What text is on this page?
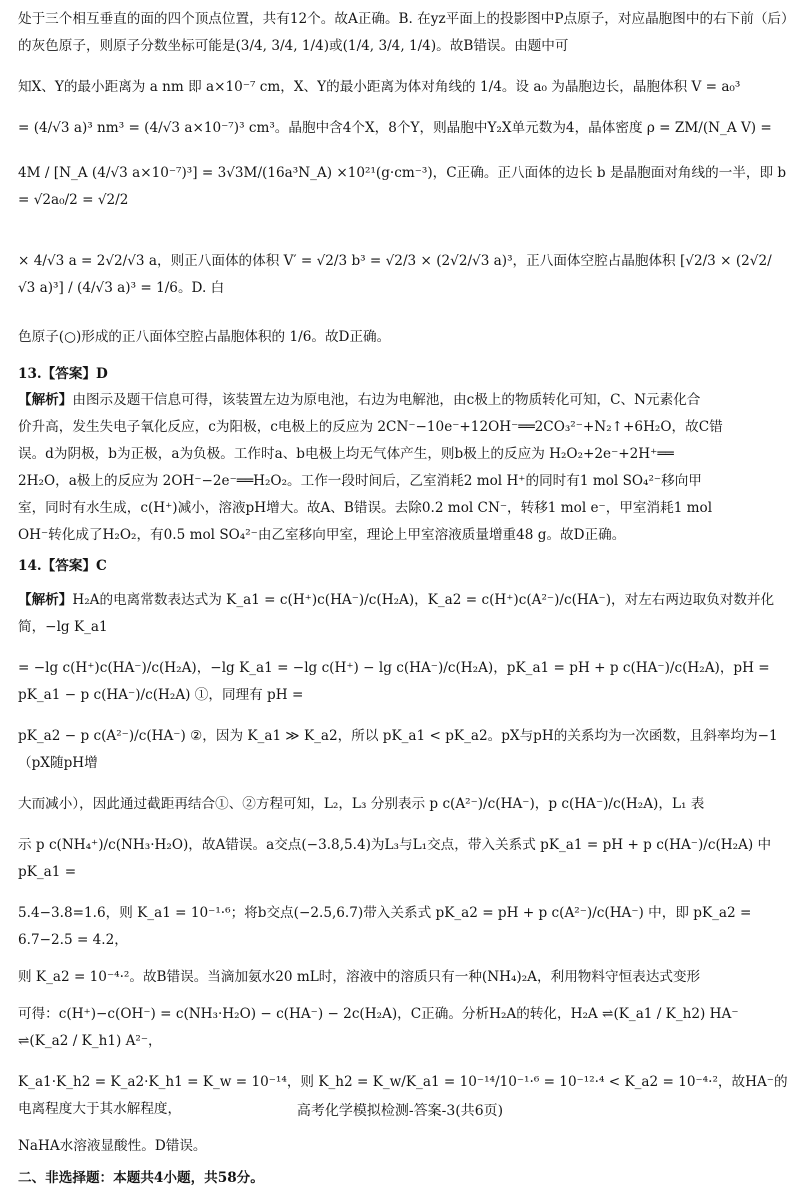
处于三个相互垂直的面的四个顶点位置，共有12个。故A正确。B. 在yz平面上的投影图中P点原子，对应晶胞图中的右下前（后）的灰色原子，则原子分数坐标可能是(3/4, 3/4, 1/4)或(1/4, 3/4, 1/4)。故B错误。由题中可

知X、Y的最小距离为 a nm 即 a×10⁻⁷ cm，X、Y的最小距离为体对角线的 1/4。设 a₀ 为晶胞边长，晶胞体积 V = a₀³

= (4/√3 a)³ nm³ = (4/√3 a×10⁻⁷)³ cm³。晶胞中含4个X，8个Y，则晶胞中Y₂X单元数为4，晶体密度 ρ = ZM/(N_A V) =

4M / [N_A (4/√3 a×10⁻⁷)³] = 3√3M/(16a³N_A) ×10²¹(g·cm⁻³)，C正确。正八面体的边长 b 是晶胞面对角线的一半，即 b = √2a₀/2 = √2/2

× 4/√3 a = 2√2/√3 a，则正八面体的体积 V′ = √2/3 b³ = √2/3 × (2√2/√3 a)³，正八面体空腔占晶胞体积 [√2/3 × (2√2/√3 a)³] / (4/√3 a)³ = 1/6。D. 白

色原子(○)形成的正八面体空腔占晶胞体积的 1/6。故D正确。

13.【答案】D

【解析】由图示及题干信息可得，该装置左边为原电池，右边为电解池，由c极上的物质转化可知，C、N元素化合

价升高，发生失电子氧化反应，c为阳极，c电极上的反应为 2CN⁻−10e⁻+12OH⁻══2CO₃²⁻+N₂↑+6H₂O，故C错

误。d为阴极，b为正极，a为负极。工作时a、b电极上均无气体产生，则b极上的反应为 H₂O₂+2e⁻+2H⁺══

2H₂O，a极上的反应为 2OH⁻−2e⁻══H₂O₂。工作一段时间后，乙室消耗2 mol H⁺的同时有1 mol SO₄²⁻移向甲

室，同时有水生成，c(H⁺)减小，溶液pH增大。故A、B错误。去除0.2 mol CN⁻，转移1 mol e⁻，甲室消耗1 mol

OH⁻转化成了H₂O₂，有0.5 mol SO₄²⁻由乙室移向甲室，理论上甲室溶液质量增重48 g。故D正确。

14.【答案】C

【解析】H₂A的电离常数表达式为 K_a1 = c(H⁺)c(HA⁻)/c(H₂A)，K_a2 = c(H⁺)c(A²⁻)/c(HA⁻)，对左右两边取负对数并化简，−lg K_a1

= −lg c(H⁺)c(HA⁻)/c(H₂A)，−lg K_a1 = −lg c(H⁺) − lg c(HA⁻)/c(H₂A)，pK_a1 = pH + p c(HA⁻)/c(H₂A)，pH = pK_a1 − p c(HA⁻)/c(H₂A) ①，同理有 pH =

pK_a2 − p c(A²⁻)/c(HA⁻) ②，因为 K_a1 ≫ K_a2，所以 pK_a1 < pK_a2。pX与pH的关系均为一次函数，且斜率均为−1（pX随pH增

大而减小），因此通过截距再结合①、②方程可知，L₂，L₃ 分别表示 p c(A²⁻)/c(HA⁻)，p c(HA⁻)/c(H₂A)，L₁ 表

示 p c(NH₄⁺)/c(NH₃·H₂O)，故A错误。a交点(−3.8,5.4)为L₃与L₁交点，带入关系式 pK_a1 = pH + p c(HA⁻)/c(H₂A) 中 pK_a1 =

5.4−3.8=1.6，则 K_a1 = 10⁻¹·⁶；将b交点(−2.5,6.7)带入关系式 pK_a2 = pH + p c(A²⁻)/c(HA⁻) 中，即 pK_a2 = 6.7−2.5 = 4.2，

则 K_a2 = 10⁻⁴·²。故B错误。当滴加氨水20 mL时，溶液中的溶质只有一种(NH₄)₂A，利用物料守恒表达式变形

可得：c(H⁺)−c(OH⁻) = c(NH₃·H₂O) − c(HA⁻) − 2c(H₂A)，C正确。分析H₂A的转化，H₂A ⇌(K_a1 / K_h2) HA⁻ ⇌(K_a2 / K_h1) A²⁻，

K_a1·K_h2 = K_a2·K_h1 = K_w = 10⁻¹⁴，则 K_h2 = K_w/K_a1 = 10⁻¹⁴/10⁻¹·⁶ = 10⁻¹²·⁴ < K_a2 = 10⁻⁴·²，故HA⁻的电离程度大于其水解程度，

NaHA水溶液显酸性。D错误。

二、非选择题：本题共4小题，共58分。
高考化学模拟检测-答案-3(共6页)
